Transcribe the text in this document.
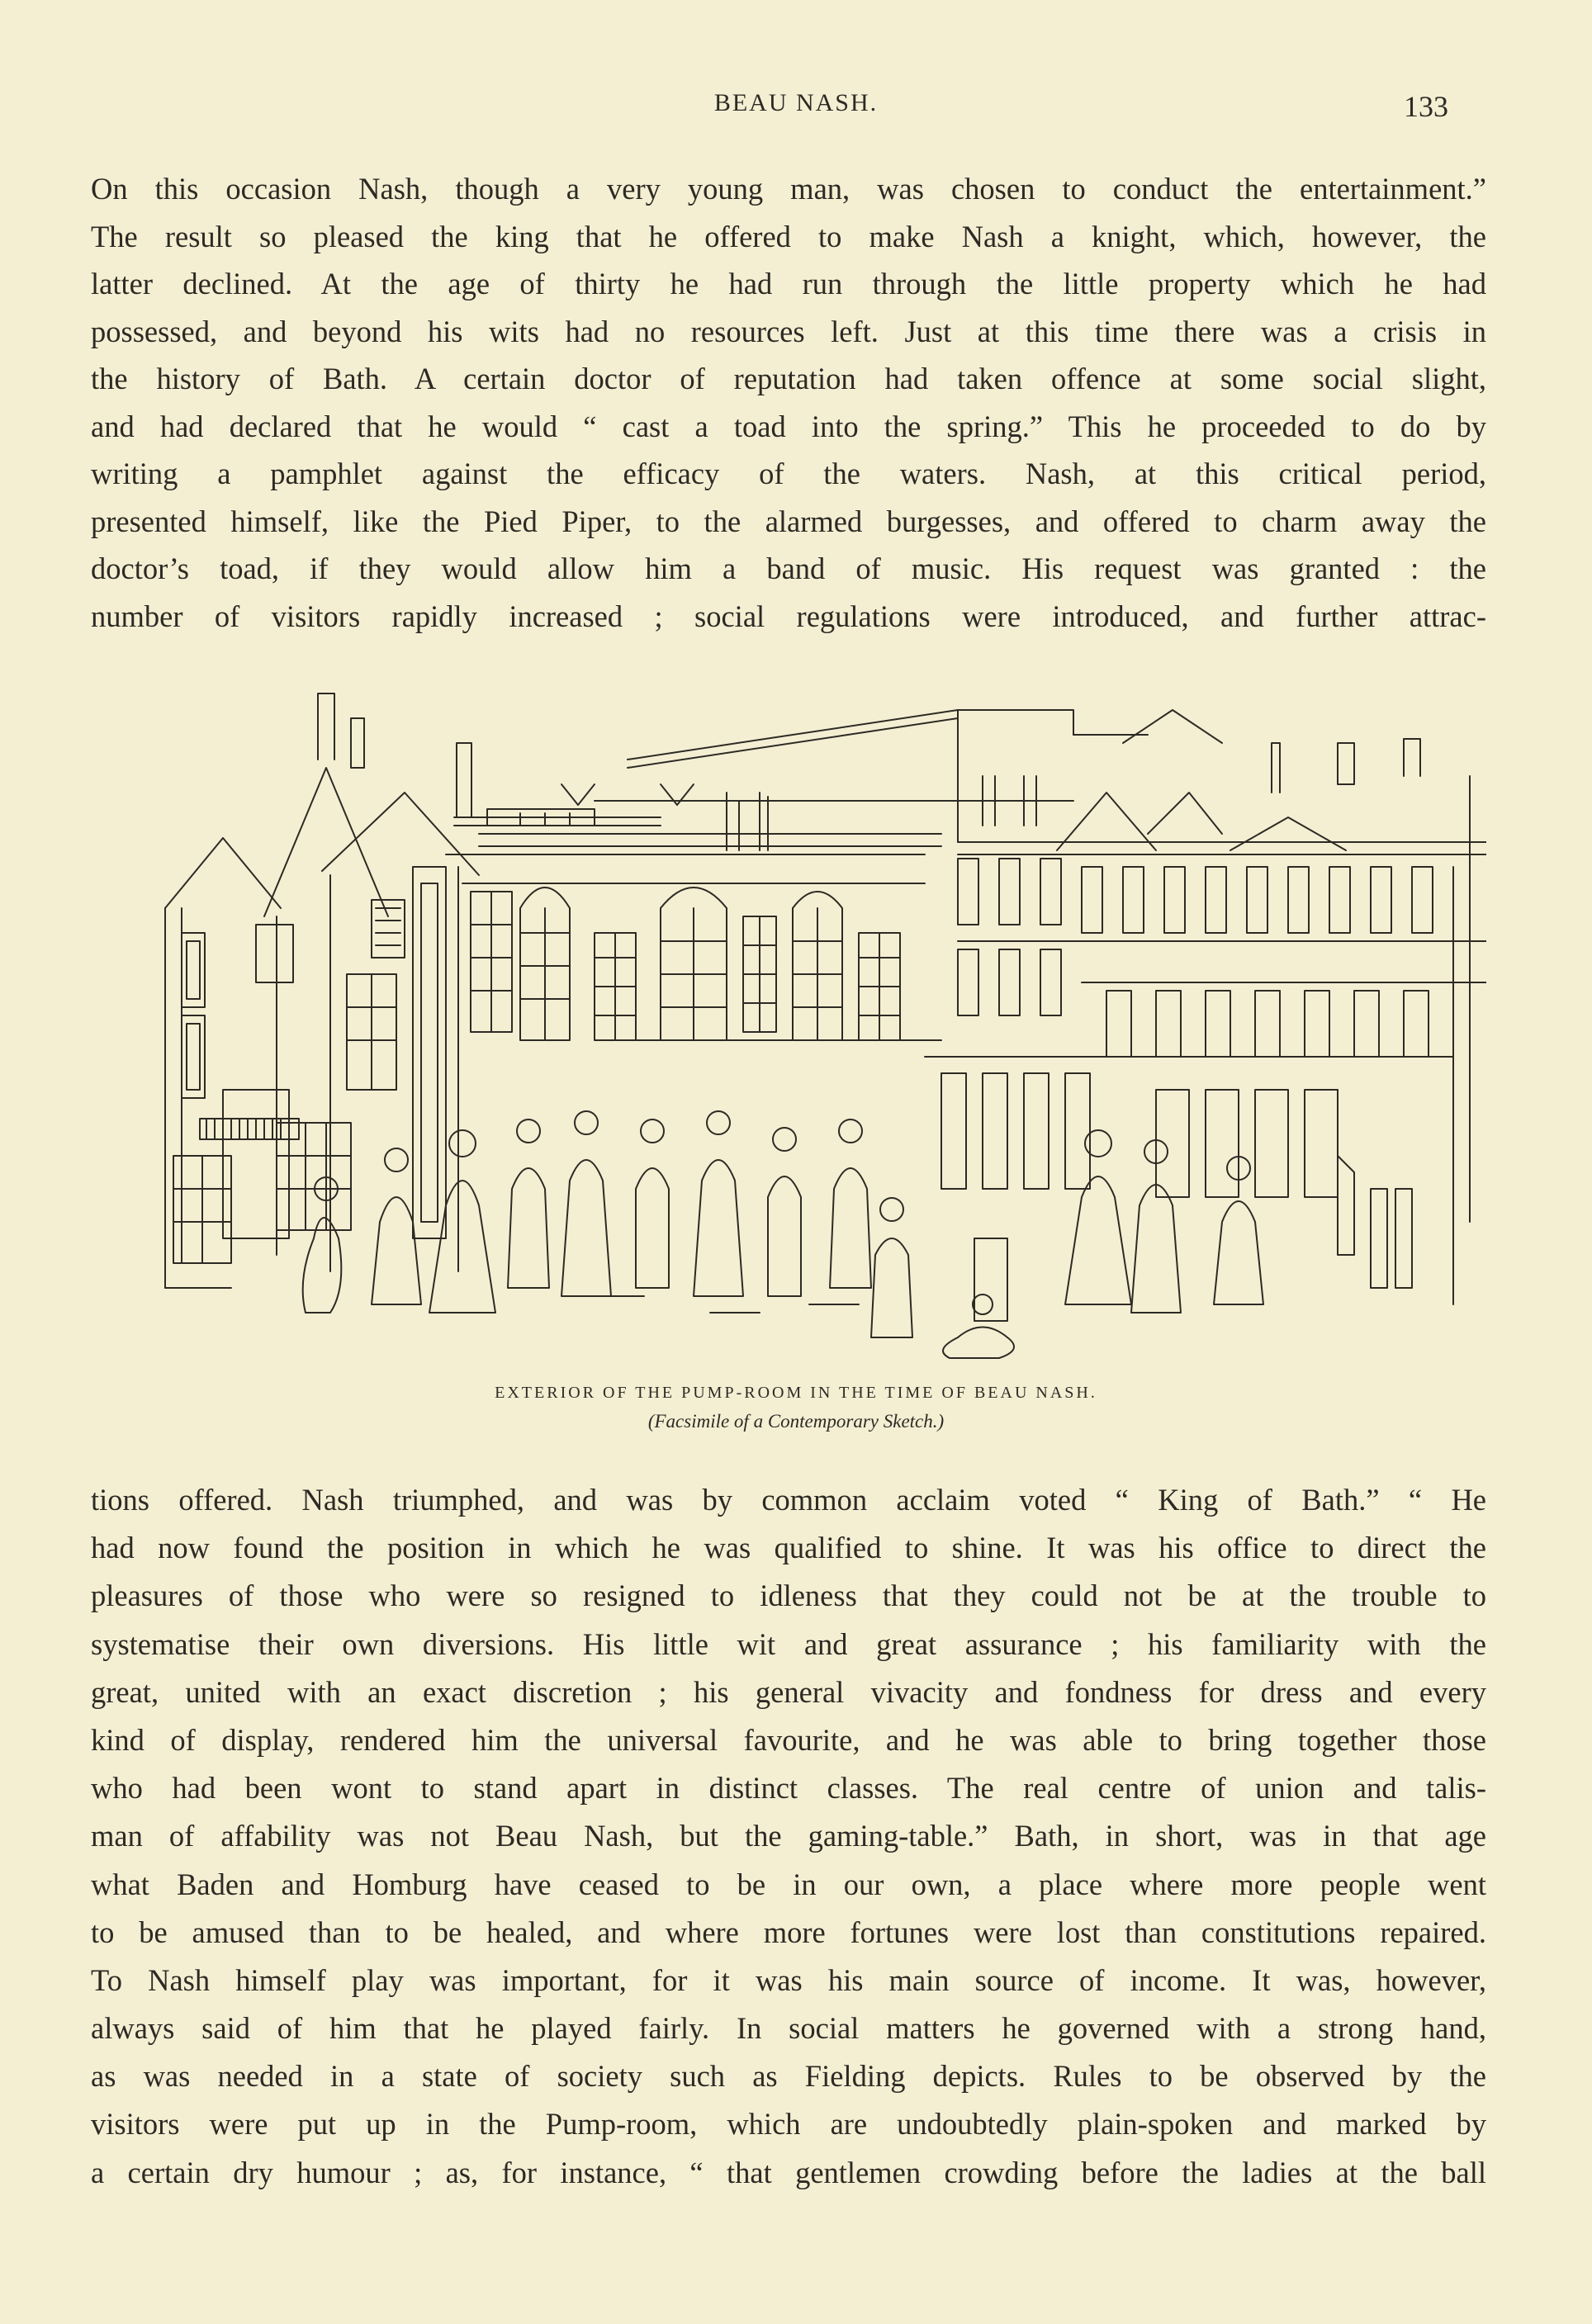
BEAU NASH.	133
On this occasion Nash, though a very young man, was chosen to conduct the entertainment.”
The result so pleased the king that he offered to make Nash a knight, which, however, the
latter declined. At the age of thirty he had run through the little property which he had
possessed, and beyond his wits had no resources left. Just at this time there was a crisis in
the history of Bath. A certain doctor of reputation had taken offence at some social slight,
and had declared that he would “ cast a toad into the spring.” This he proceeded to do by
writing a pamphlet against the efficacy of the waters. Nash, at this critical period,
presented himself, like the Pied Piper, to the alarmed burgesses, and offered to charm away the
doctor’s toad, if they would allow him a band of music. His request was granted : the
number of visitors rapidly increased ; social regulations were introduced, and further attrac-
EXTERIOR OF THE PUMP-ROOM IN THE TIME OF BEAU NASH.
(Facsimile of a Contemporary Sketch.)
tions offered. Nash triumphed, and was by common acclaim voted “ King of Bath.” “ He
had now found the position in which he was qualified to shine. It was his office to direct the
pleasures of those who were so resigned to idleness that they could not be at the trouble to
systematise their own diversions. His little wit and great assurance ; his familiarity with the
great, united with an exact discretion ; his general vivacity and fondness for dress and every
kind of display, rendered him the universal favourite, and he was able to bring together those
who had been wont to stand apart in distinct classes. The real centre of union and talis-
man of affability was not Beau Nash, but the gaming-table.” Bath, in short, was in that age
what Baden and Homburg have ceased to be in our own, a place where more people went
to be amused than to be healed, and where more fortunes were lost than constitutions repaired.
To Nash himself play was important, for it was his main source of income. It was, however,
always said of him that he played fairly. In social matters he governed with a strong hand,
as was needed in a state of society such as Fielding depicts. Rules to be observed by the
visitors were put up in the Pump-room, which are undoubtedly plain-spoken and marked by
a certain dry humour ; as, for instance, “ that gentlemen crowding before the ladies at the ball
